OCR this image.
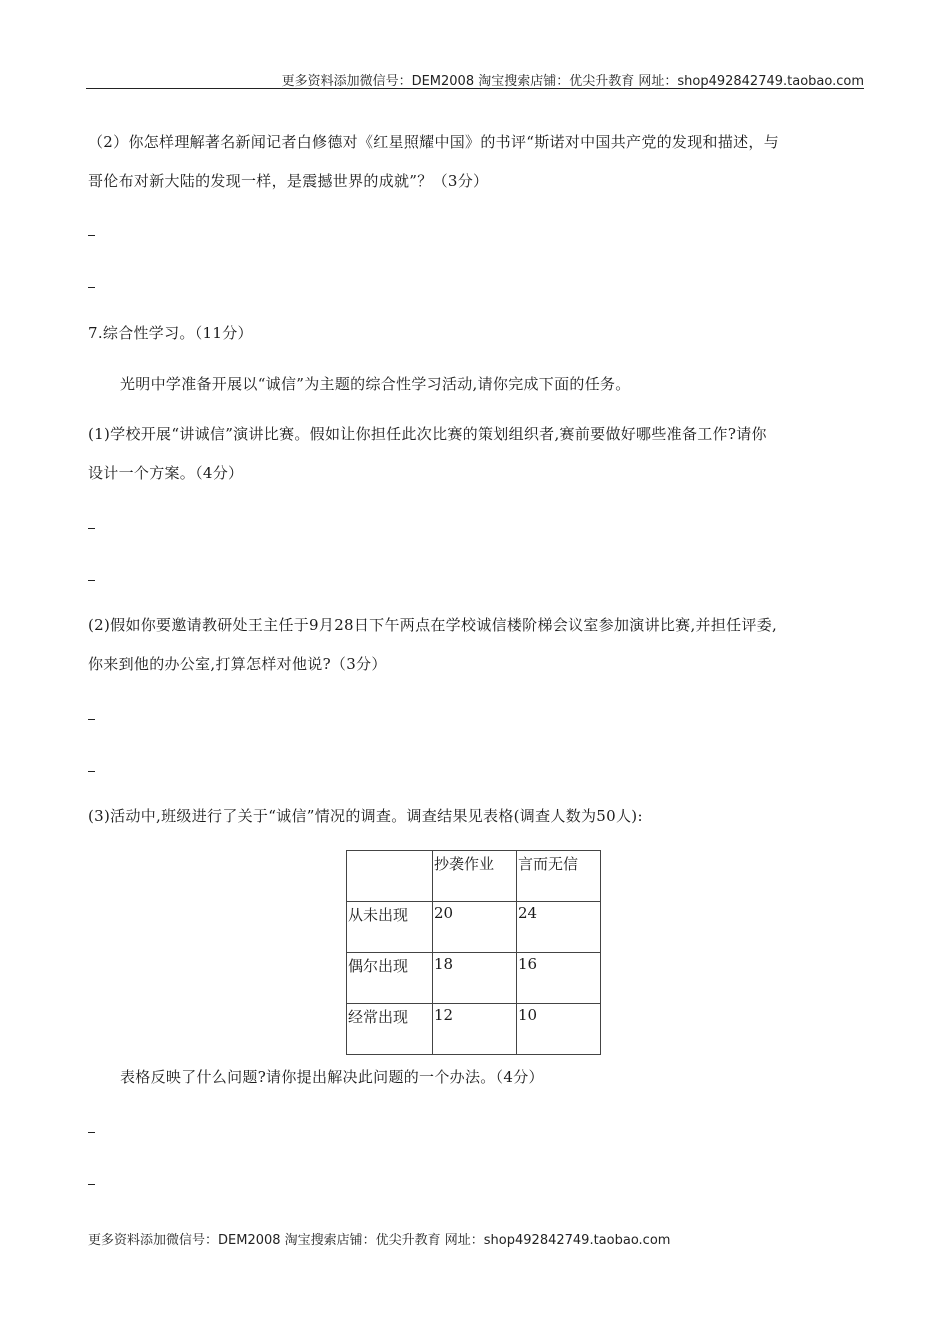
更多资料添加微信号：DEM2008 淘宝搜索店铺：优尖升教育 网址：shop492842749.taobao.com
（2）你怎样理解著名新闻记者白修德对《红星照耀中国》的书评“斯诺对中国共产党的发现和描述，与
哥伦布对新大陆的发现一样，是震撼世界的成就”？（3分）
7.综合性学习。（11分）
光明中学准备开展以“诚信”为主题的综合性学习活动,请你完成下面的任务。
(1)学校开展“讲诚信”演讲比赛。假如让你担任此次比赛的策划组织者,赛前要做好哪些准备工作?请你
设计一个方案。（4分）
(2)假如你要邀请教研处王主任于9月28日下午两点在学校诚信楼阶梯会议室参加演讲比赛,并担任评委,
你来到他的办公室,打算怎样对他说?（3分）
(3)活动中,班级进行了关于“诚信”情况的调查。调查结果见表格(调查人数为50人):
	抄袭作业	言而无信
从未出现	20	24
偶尔出现	18	16
经常出现	12	10
表格反映了什么问题?请你提出解决此问题的一个办法。（4分）
更多资料添加微信号：DEM2008 淘宝搜索店铺：优尖升教育 网址：shop492842749.taobao.com
